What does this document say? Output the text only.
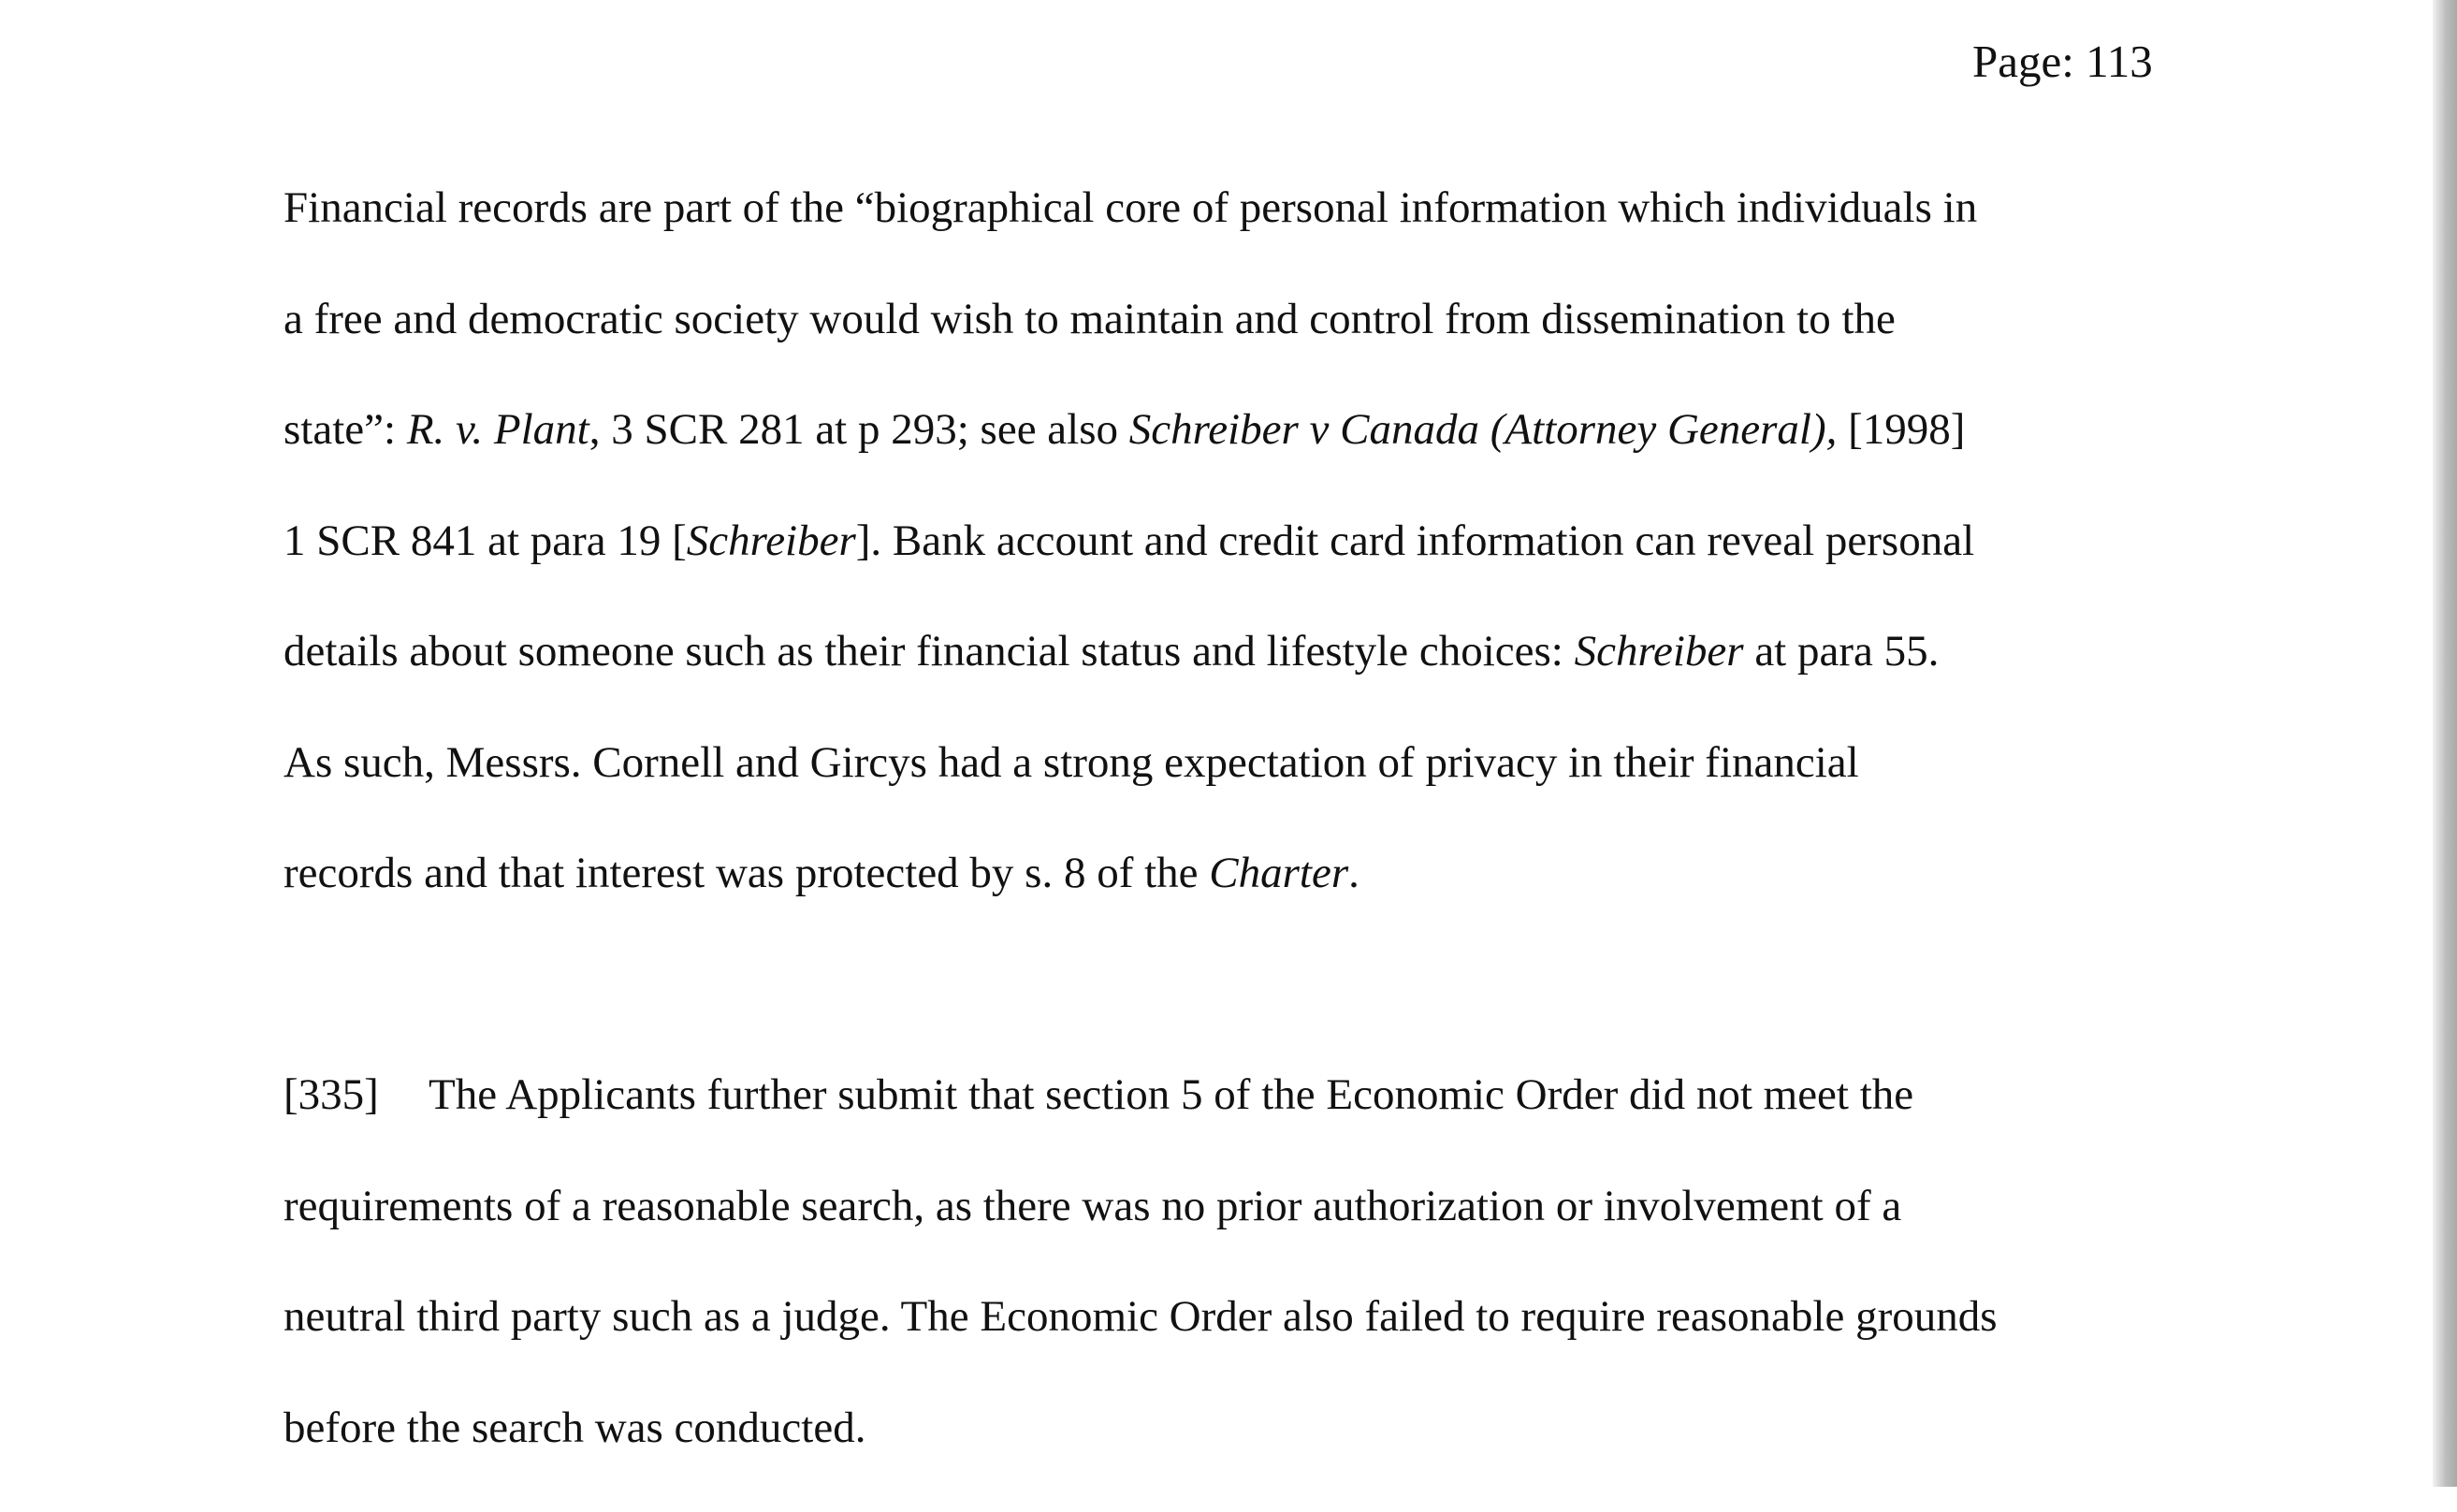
Page: 113
Financial records are part of the “biographical core of personal information which individuals in
a free and democratic society would wish to maintain and control from dissemination to the
state”: R. v. Plant, 3 SCR 281 at p 293; see also Schreiber v Canada (Attorney General), [1998]
1 SCR 841 at para 19 [Schreiber]. Bank account and credit card information can reveal personal
details about someone such as their financial status and lifestyle choices: Schreiber at para 55.
As such, Messrs. Cornell and Gircys had a strong expectation of privacy in their financial
records and that interest was protected by s. 8 of the Charter.
[335] The Applicants further submit that section 5 of the Economic Order did not meet the
requirements of a reasonable search, as there was no prior authorization or involvement of a
neutral third party such as a judge. The Economic Order also failed to require reasonable grounds
before the search was conducted.
